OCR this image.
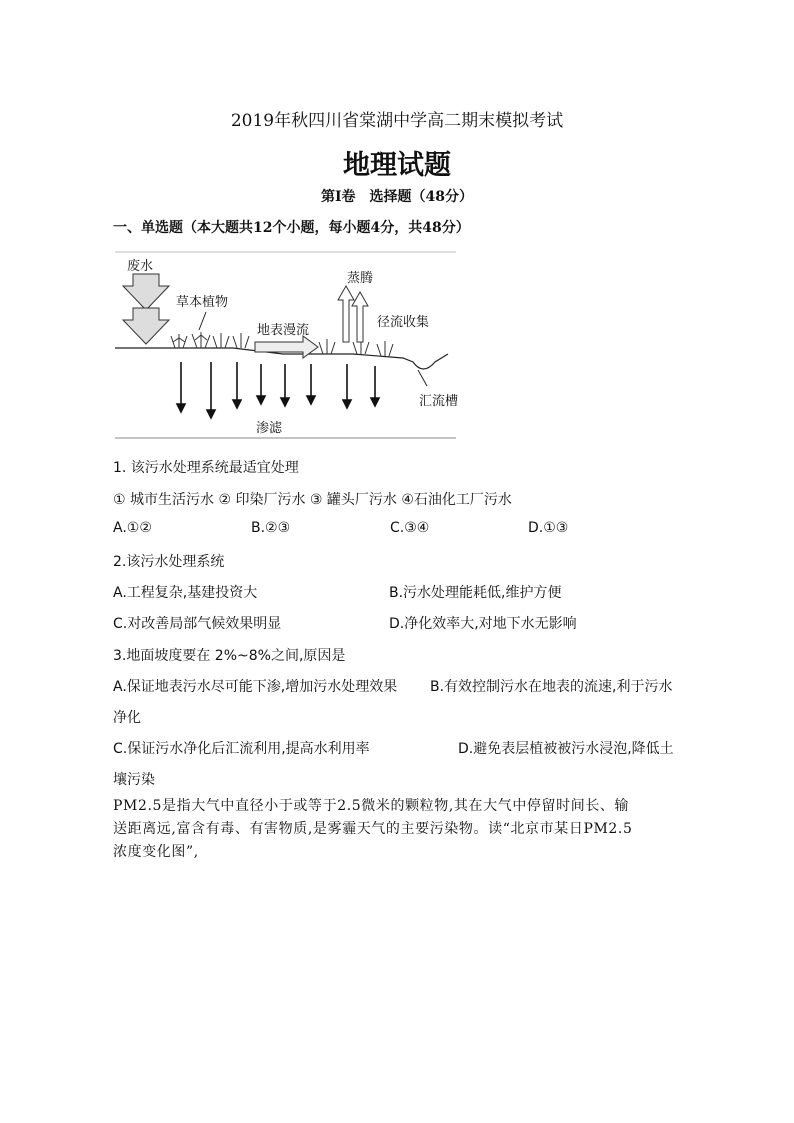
2019年秋四川省棠湖中学高二期末模拟考试
地理试题
第Ⅰ卷　选择题（48分）
一、单选题（本大题共12个小题，每小题4分，共48分）
废水
草本植物
地表漫流
蒸腾
径流收集
汇流槽
渗滤
1. 该污水处理系统最适宜处理
① 城市生活污水 ② 印染厂污水 ③ 罐头厂污水 ④石油化工厂污水
A.①②	B.②③	C.③④	D.①③
2.该污水处理系统
A.工程复杂,基建投资大	B.污水处理能耗低,维护方便
C.对改善局部气候效果明显	D.净化效率大,对地下水无影响
3.地面坡度要在 2%~8%之间,原因是
A.保证地表污水尽可能下渗,增加污水处理效果 B.有效控制污水在地表的流速,利于污水
净化
C.保证污水净化后汇流利用,提高水利用率	D.避免表层植被被污水浸泡,降低土
壤污染
PM2.5是指大气中直径小于或等于2.5微米的颗粒物,其在大气中停留时间长、输
送距离远,富含有毒、有害物质,是雾霾天气的主要污染物。读“北京市某日PM2.5
浓度变化图”,
